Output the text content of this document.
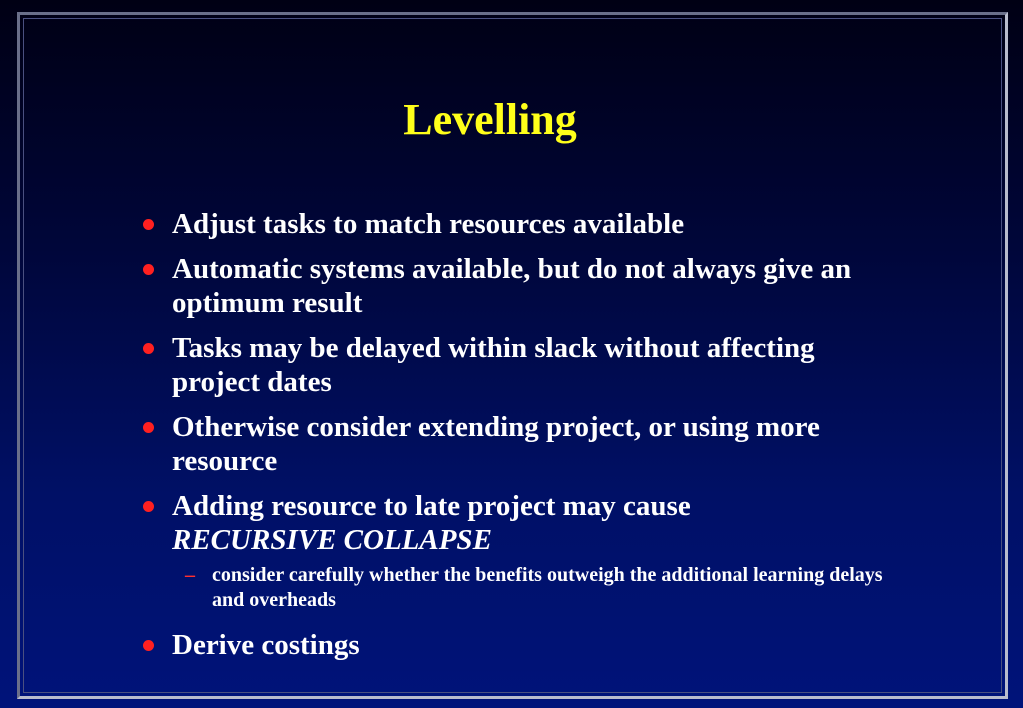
Levelling
Adjust tasks to match resources available
Automatic systems available, but do not always give an optimum result
Tasks may be delayed within slack without affecting project dates
Otherwise consider extending project, or using more resource
Adding resource to late project may cause
RECURSIVE COLLAPSE
– consider carefully whether the benefits outweigh the additional learning delays and overheads
Derive costings
